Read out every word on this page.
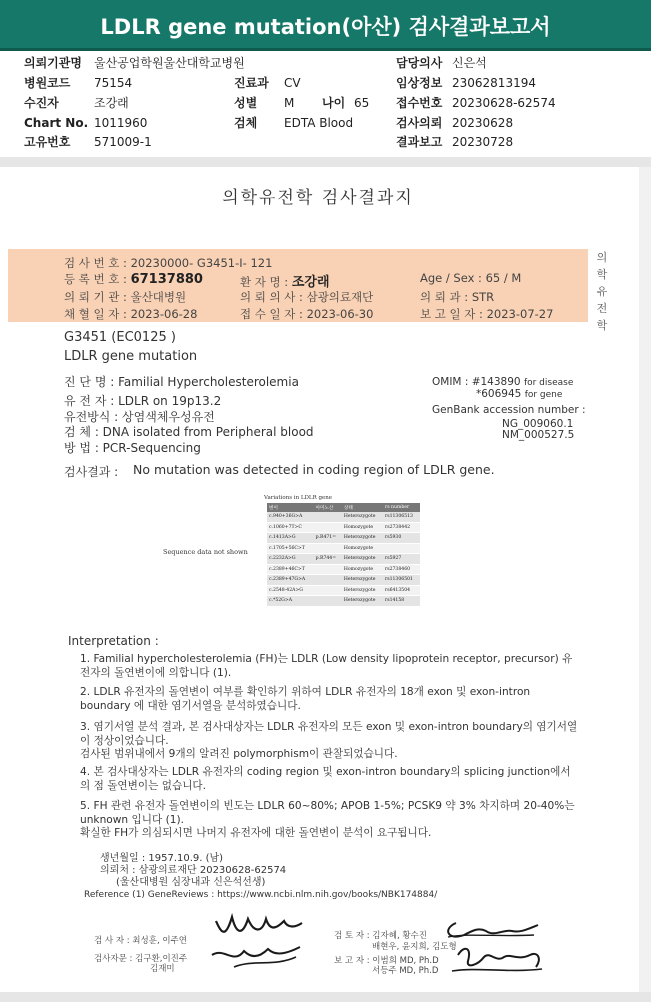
LDLR gene mutation(아산) 검사결과보고서
의뢰기관명 울산공업학원울산대학교병원	담당의사 신은석
병원코드 75154	진료과 CV	임상정보 23062813194
수진자	조강래	성별 M 나이 65 접수번호 20230628-62574
Chart No. 1011960	검체 EDTA Blood	검사의뢰 20230628
고유번호 571009-1	결과보고 20230728
의학유전학 검사결과지
검 사 번 호 : 20230000- G3451-I- 121
등 록 번 호 : 67137880	환 자 명 : 조강래	Age / Sex : 65 / M
의 뢰 기 관 : 울산대병원	의 뢰 의 사 : 삼광의료재단	의 뢰 과 : STR
채 혈 일 자 : 2023-06-28	접 수 일 자 : 2023-06-30	보 고 일 자 : 2023-07-27
의
학
유
전
학
G3451 (EC0125 )
LDLR gene mutation
진 단 명 : Familial Hypercholesterolemia
유 전 자 : LDLR on 19p13.2
유전방식 : 상염색체우성유전
검 체 : DNA isolated from Peripheral blood
방 법 : PCR-Sequencing
OMIM : #143890 for disease
*606945 for gene
GenBank accession number :
NG_009060.1
NM_000527.5
검사결과 : No mutation was detected in coding region of LDLR gene.
Variations in LDLR gene
변이	아미노산	상태	rs number
c.940+36G>A		Heterozygote	rs11306513
c.1060+7T>C		Homozygote	rs2738442
c.1413A>G	p.R471=	Heterozygote	rs5930
c.1705+56C>T		Homozygote	
c.2232A>G	p.R744=	Heterozygote	rs5927
c.2389+46C>T		Homozygote	rs2738460
c.2389+47G>A		Heterozygote	rs11306501
c.2548-42A>G		Heterozygote	rs6413504
c.*52G>A		Heterozygote	rs14158
Sequence data not shown
Interpretation :
1. Familial hypercholesterolemia (FH)는 LDLR (Low density lipoprotein receptor, precursor) 유전자의 돌연변이에 의합니다 (1).
2. LDLR 유전자의 돌연변이 여부를 확인하기 위하여 LDLR 유전자의 18개 exon 및 exon-intron boundary 에 대한 염기서열을 분석하였습니다.
3. 염기서열 분석 결과, 본 검사대상자는 LDLR 유전자의 모든 exon 및 exon-intron boundary의 염기서열이 정상이었습니다.
검사된 범위내에서 9개의 알려진 polymorphism이 관찰되었습니다.
4. 본 검사대상자는 LDLR 유전자의 coding region 및 exon-intron boundary의 splicing junction에서의 점 돌연변이는 없습니다.
5. FH 관련 유전자 돌연변이의 빈도는 LDLR 60~80%; APOB 1-5%; PCSK9 약 3% 차지하며 20-40%는 unknown 입니다 (1).
확실한 FH가 의심되시면 나머지 유전자에 대한 돌연변이 분석이 요구됩니다.
생년월일 : 1957.10.9. (남)
의뢰처 : 삼광의료재단 20230628-62574
(울산대병원 심장내과 신은석선생)
Reference (1) GeneReviews : https://www.ncbi.nlm.nih.gov/books/NBK174884/
검 사 자 : 최성훈, 이주연
검사자문 : 김구환,이진주
김재미
검 토 자 : 김자혜, 황수진
배현우, 윤지희, 김도형
보 고 자 : 이범희 MD, Ph.D
서등주 MD, Ph.D
